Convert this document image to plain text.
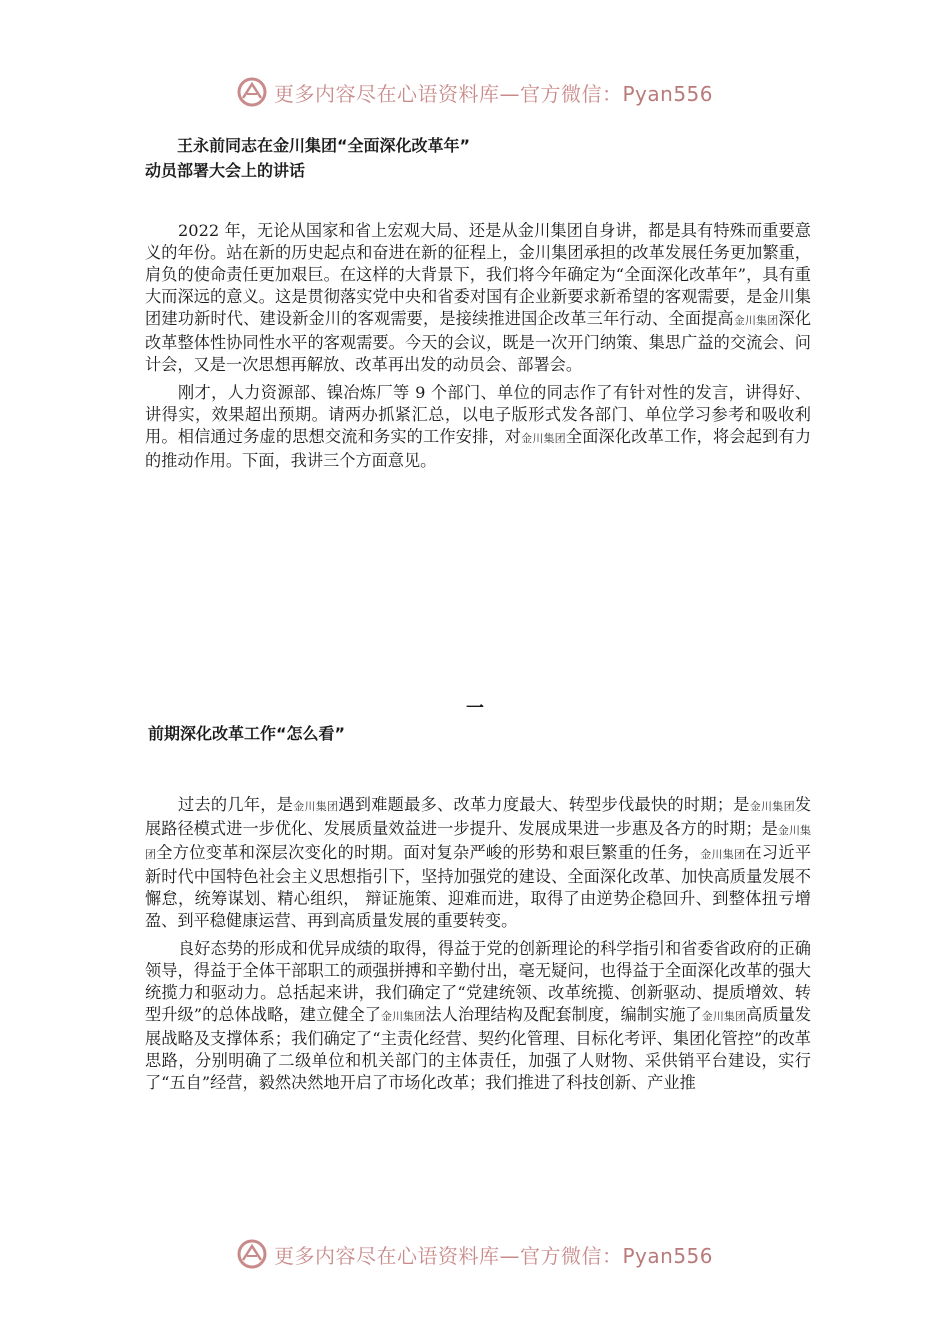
更多内容尽在心语资料库—官方微信：Pyan556
王永前同志在金川集团“全面深化改革年”
动员部署大会上的讲话

2022 年，无论从国家和省上宏观大局、还是从金川集团自身讲，都是具有特殊而重要意义的年份。站在新的历史起点和奋进在新的征程上，金川集团承担的改革发展任务更加繁重，肩负的使命责任更加艰巨。在这样的大背景下，我们将今年确定为“全面深化改革年”，具有重大而深远的意义。这是贯彻落实党中央和省委对国有企业新要求新希望的客观需要，是金川集团建功新时代、建设新金川的客观需要，是接续推进国企改革三年行动、全面提高金川集团深化改革整体性协同性水平的客观需要。今天的会议，既是一次开门纳策、集思广益的交流会、问计会，又是一次思想再解放、改革再出发的动员会、部署会。

刚才，人力资源部、镍冶炼厂等 9 个部门、单位的同志作了有针对性的发言，讲得好、讲得实，效果超出预期。请两办抓紧汇总，以电子版形式发各部门、单位学习参考和吸收利用。相信通过务虚的思想交流和务实的工作安排，对金川集团全面深化改革工作，将会起到有力的推动作用。下面，我讲三个方面意见。

一
前期深化改革工作“怎么看”

过去的几年，是金川集团遇到难题最多、改革力度最大、转型步伐最快的时期；是金川集团发展路径模式进一步优化、发展质量效益进一步提升、发展成果进一步惠及各方的时期；是金川集团全方位变革和深层次变化的时期。面对复杂严峻的形势和艰巨繁重的任务，金川集团在习近平新时代中国特色社会主义思想指引下，坚持加强党的建设、全面深化改革、加快高质量发展不懈怠，统筹谋划、精心组织， 辩证施策、迎难而进，取得了由逆势企稳回升、到整体扭亏增盈、到平稳健康运营、再到高质量发展的重要转变。

良好态势的形成和优异成绩的取得，得益于党的创新理论的科学指引和省委省政府的正确领导，得益于全体干部职工的顽强拼搏和辛勤付出，毫无疑问，也得益于全面深化改革的强大统揽力和驱动力。总括起来讲，我们确定了“党建统领、改革统揽、创新驱动、提质增效、转型升级”的总体战略，建立健全了金川集团法人治理结构及配套制度，编制实施了金川集团高质量发展战略及支撑体系；我们确定了“主责化经营、契约化管理、目标化考评、集团化管控”的改革思路，分别明确了二级单位和机关部门的主体责任，加强了人财物、采供销平台建设，实行了“五自”经营，毅然决然地开启了市场化改革；我们推进了科技创新、产业推

更多内容尽在心语资料库—官方微信：Pyan556
